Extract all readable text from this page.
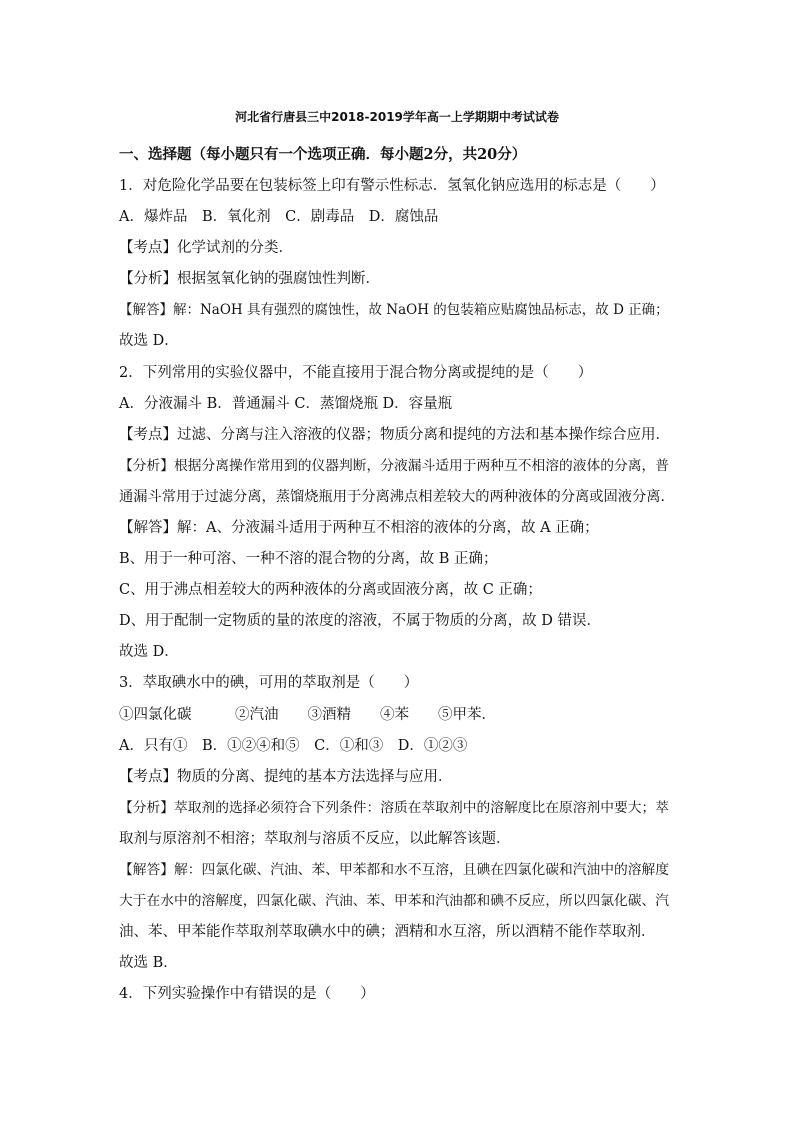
河北省行唐县三中2018-2019学年高一上学期期中考试试卷
一、选择题（每小题只有一个选项正确．每小题2分，共20分）
1．对危险化学品要在包装标签上印有警示性标志．氢氧化钠应选用的标志是（　　）
A．爆炸品　B．氧化剂　C．剧毒品　D．腐蚀品
【考点】化学试剂的分类．
【分析】根据氢氧化钠的强腐蚀性判断．
【解答】解：NaOH 具有强烈的腐蚀性，故 NaOH 的包装箱应贴腐蚀品标志，故 D 正确；
故选 D．
2．下列常用的实验仪器中，不能直接用于混合物分离或提纯的是（　　）
A．分液漏斗 B．普通漏斗 C．蒸馏烧瓶 D．容量瓶
【考点】过滤、分离与注入溶液的仪器；物质分离和提纯的方法和基本操作综合应用．
【分析】根据分离操作常用到的仪器判断，分液漏斗适用于两种互不相溶的液体的分离，普
通漏斗常用于过滤分离，蒸馏烧瓶用于分离沸点相差较大的两种液体的分离或固液分离．
【解答】解：A、分液漏斗适用于两种互不相溶的液体的分离，故 A 正确；
B、用于一种可溶、一种不溶的混合物的分离，故 B 正确；
C、用于沸点相差较大的两种液体的分离或固液分离，故 C 正确；
D、用于配制一定物质的量的浓度的溶液，不属于物质的分离，故 D 错误．
故选 D．
3．萃取碘水中的碘，可用的萃取剂是（　　）
①四氯化碳　　　②汽油　　③酒精　　④苯　　⑤甲苯．
A．只有①　B．①②④和⑤　C．①和③　D．①②③
【考点】物质的分离、提纯的基本方法选择与应用．
【分析】萃取剂的选择必须符合下列条件：溶质在萃取剂中的溶解度比在原溶剂中要大；萃
取剂与原溶剂不相溶；萃取剂与溶质不反应，以此解答该题．
【解答】解：四氯化碳、汽油、苯、甲苯都和水不互溶，且碘在四氯化碳和汽油中的溶解度
大于在水中的溶解度，四氯化碳、汽油、苯、甲苯和汽油都和碘不反应，所以四氯化碳、汽
油、苯、甲苯能作萃取剂萃取碘水中的碘；酒精和水互溶，所以酒精不能作萃取剂．
故选 B．
4．下列实验操作中有错误的是（　　）
